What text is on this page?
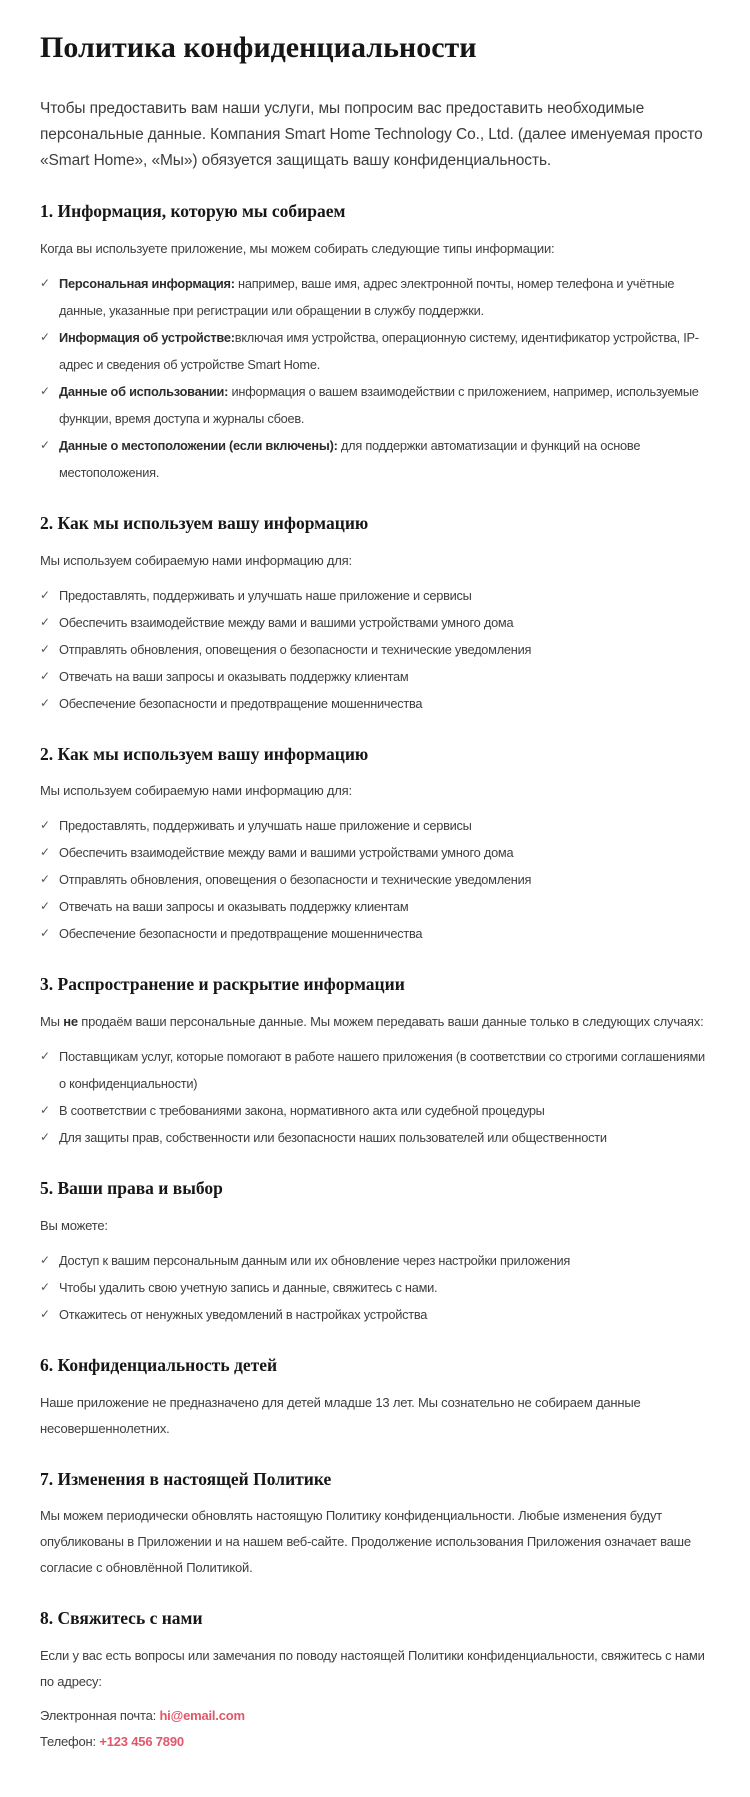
Политика конфиденциальности

Чтобы предоставить вам наши услуги, мы попросим вас предоставить необходимые персональные данные. Компания Smart Home Technology Co., Ltd. (далее именуемая просто «Smart Home», «Мы») обязуется защищать вашу конфиденциальность.

1. Информация, которую мы собираем

Когда вы используете приложение, мы можем собирать следующие типы информации:

✓ Персональная информация: например, ваше имя, адрес электронной почты, номер телефона и учётные данные, указанные при регистрации или обращении в службу поддержки.
✓ Информация об устройстве:включая имя устройства, операционную систему, идентификатор устройства, IP-адрес и сведения об устройстве Smart Home.
✓ Данные об использовании: информация о вашем взаимодействии с приложением, например, используемые функции, время доступа и журналы сбоев.
✓ Данные о местоположении (если включены): для поддержки автоматизации и функций на основе местоположения.
2. Как мы используем вашу информацию

Мы используем собираемую нами информацию для:

✓ Предоставлять, поддерживать и улучшать наше приложение и сервисы
✓ Обеспечить взаимодействие между вами и вашими устройствами умного дома
✓ Отправлять обновления, оповещения о безопасности и технические уведомления
✓ Отвечать на ваши запросы и оказывать поддержку клиентам
✓ Обеспечение безопасности и предотвращение мошенничества
2. Как мы используем вашу информацию

Мы используем собираемую нами информацию для:

✓ Предоставлять, поддерживать и улучшать наше приложение и сервисы
✓ Обеспечить взаимодействие между вами и вашими устройствами умного дома
✓ Отправлять обновления, оповещения о безопасности и технические уведомления
✓ Отвечать на ваши запросы и оказывать поддержку клиентам
✓ Обеспечение безопасности и предотвращение мошенничества
3. Распространение и раскрытие информации

Мы не продаём ваши персональные данные. Мы можем передавать ваши данные только в следующих случаях:

✓ Поставщикам услуг, которые помогают в работе нашего приложения (в соответствии со строгими соглашениями о конфиденциальности)
✓ В соответствии с требованиями закона, нормативного акта или судебной процедуры
✓ Для защиты прав, собственности или безопасности наших пользователей или общественности
5. Ваши права и выбор

Вы можете:

✓ Доступ к вашим персональным данным или их обновление через настройки приложения
✓ Чтобы удалить свою учетную запись и данные, свяжитесь с нами.
✓ Откажитесь от ненужных уведомлений в настройках устройства
6. Конфиденциальность детей

Наше приложение не предназначено для детей младше 13 лет. Мы сознательно не собираем данные несовершеннолетних.

7. Изменения в настоящей Политике

Мы можем периодически обновлять настоящую Политику конфиденциальности. Любые изменения будут опубликованы в Приложении и на нашем веб-сайте. Продолжение использования Приложения означает ваше согласие с обновлённой Политикой.

8. Свяжитесь с нами

Если у вас есть вопросы или замечания по поводу настоящей Политики конфиденциальности, свяжитесь с нами по адресу:

Электронная почта: hi@email.com

Телефон: +123 456 7890
